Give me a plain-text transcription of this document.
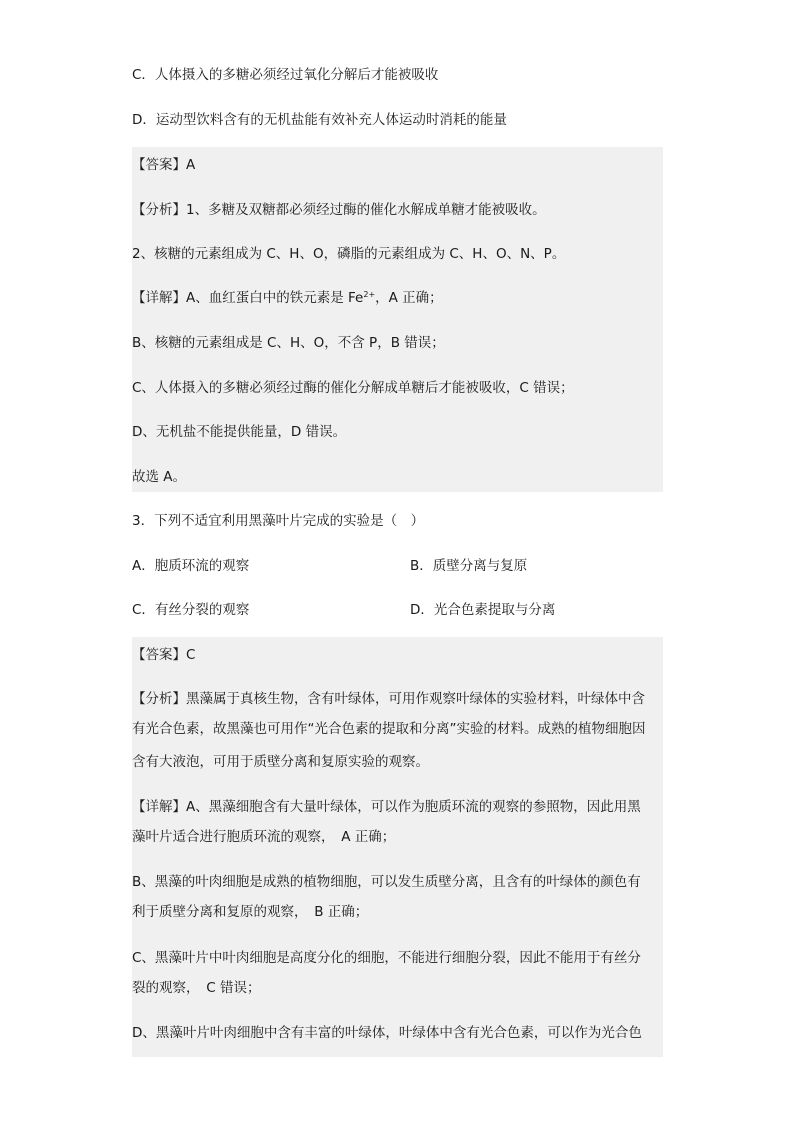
C．人体摄入的多糖必须经过氧化分解后才能被吸收
D．运动型饮料含有的无机盐能有效补充人体运动时消耗的能量
【答案】A
【分析】1、多糖及双糖都必须经过酶的催化水解成单糖才能被吸收。
2、核糖的元素组成为 C、H、O，磷脂的元素组成为 C、H、O、N、P。
【详解】A、血红蛋白中的铁元素是 $Fe^{2+}$，A 正确；
B、核糖的元素组成是 C、H、O，不含 P，B 错误；
C、人体摄入的多糖必须经过酶的催化分解成单糖后才能被吸收，C 错误；
D、无机盐不能提供能量，D 错误。
故选 A。
3．下列不适宜利用黑藻叶片完成的实验是（　）
A．胞质环流的观察	B．质壁分离与复原
C．有丝分裂的观察	D．光合色素提取与分离
【答案】C
【分析】黑藻属于真核生物，含有叶绿体，可用作观察叶绿体的实验材料，叶绿体中含
有光合色素，故黑藻也可用作“光合色素的提取和分离”实验的材料。成熟的植物细胞因
含有大液泡，可用于质壁分离和复原实验的观察。
【详解】A、黑藻细胞含有大量叶绿体，可以作为胞质环流的观察的参照物，因此用黑
藻叶片适合进行胞质环流的观察，　A 正确；
B、黑藻的叶肉细胞是成熟的植物细胞，可以发生质壁分离，且含有的叶绿体的颜色有
利于质壁分离和复原的观察，　B 正确；
C、黑藻叶片中叶肉细胞是高度分化的细胞，不能进行细胞分裂，因此不能用于有丝分
裂的观察，　C 错误；
D、黑藻叶片叶肉细胞中含有丰富的叶绿体，叶绿体中含有光合色素，可以作为光合色
